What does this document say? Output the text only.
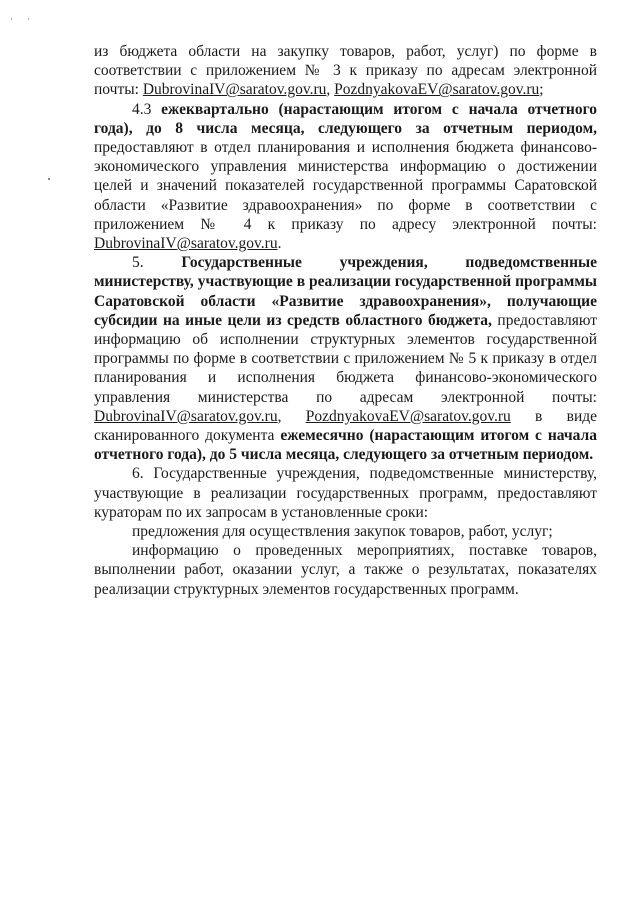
· ·

из бюджета области на закупку товаров, работ, услуг) по форме в соответствии с приложением № 3 к приказу по адресам электронной почты: DubrovinaIV@saratov.gov.ru, PozdnyakovaEV@saratov.gov.ru;

4.3 ежеквартально (нарастающим итогом с начала отчетного года), до 8 числа месяца, следующего за отчетным периодом, предоставляют в отдел планирования и исполнения бюджета финансово-экономического управления министерства информацию о достижении целей и значений показателей государственной программы Саратовской области «Развитие здравоохранения» по форме в соответствии с приложением № 4 к приказу по адресу электронной почты: DubrovinaIV@saratov.gov.ru.

5. Государственные учреждения, подведомственные министерству, участвующие в реализации государственной программы Саратовской области «Развитие здравоохранения», получающие субсидии на иные цели из средств областного бюджета, предоставляют информацию об исполнении структурных элементов государственной программы по форме в соответствии с приложением № 5 к приказу в отдел планирования и исполнения бюджета финансово-экономического управления министерства по адресам электронной почты: DubrovinaIV@saratov.gov.ru, PozdnyakovaEV@saratov.gov.ru в виде сканированного документа ежемесячно (нарастающим итогом с начала отчетного года), до 5 числа месяца, следующего за отчетным периодом.

6. Государственные учреждения, подведомственные министерству, участвующие в реализации государственных программ, предоставляют кураторам по их запросам в установленные сроки:

предложения для осуществления закупок товаров, работ, услуг;

информацию о проведенных мероприятиях, поставке товаров, выполнении работ, оказании услуг, а также о результатах, показателях реализации структурных элементов государственных программ.
